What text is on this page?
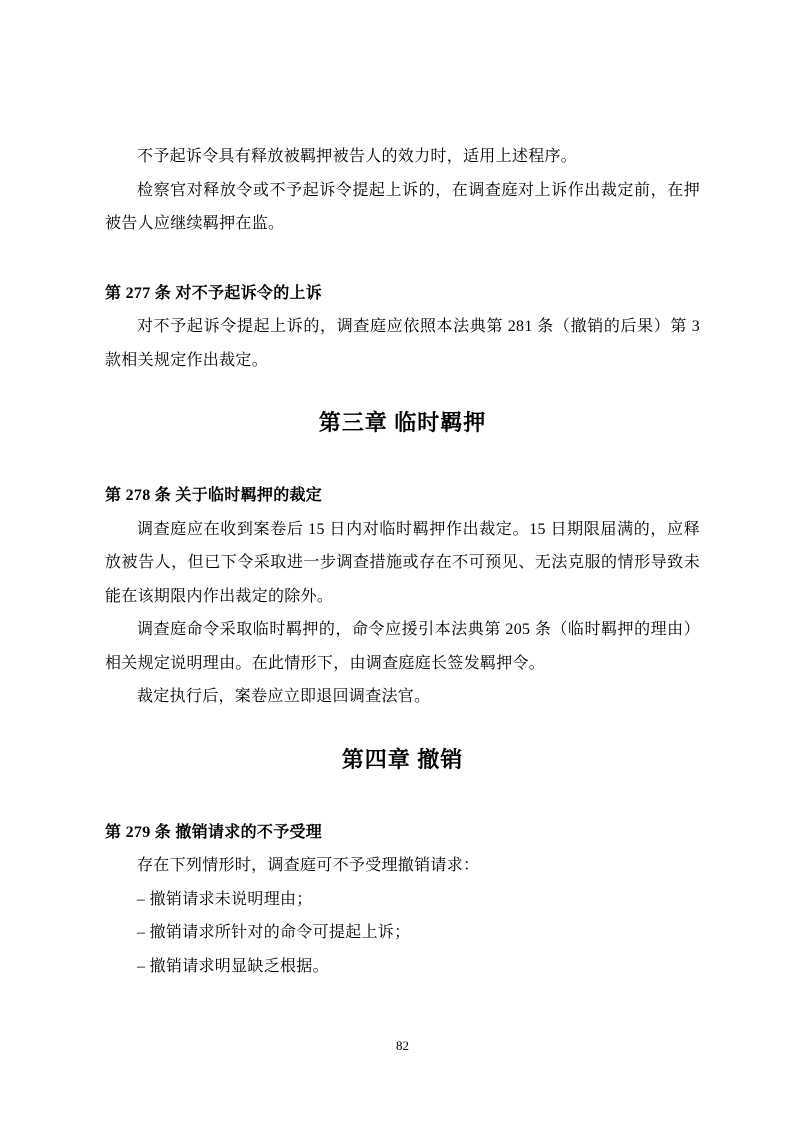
不予起诉令具有释放被羁押被告人的效力时，适用上述程序。

检察官对释放令或不予起诉令提起上诉的，在调查庭对上诉作出裁定前，在押被告人应继续羁押在监。

第 277 条 对不予起诉令的上诉

对不予起诉令提起上诉的，调查庭应依照本法典第 281 条（撤销的后果）第 3 款相关规定作出裁定。

第三章 临时羁押

第 278 条 关于临时羁押的裁定

调查庭应在收到案卷后 15 日内对临时羁押作出裁定。15 日期限届满的，应释放被告人，但已下令采取进一步调查措施或存在不可预见、无法克服的情形导致未能在该期限内作出裁定的除外。

调查庭命令采取临时羁押的，命令应援引本法典第 205 条（临时羁押的理由）相关规定说明理由。在此情形下，由调查庭庭长签发羁押令。

裁定执行后，案卷应立即退回调查法官。

第四章 撤销

第 279 条 撤销请求的不予受理

存在下列情形时，调查庭可不予受理撤销请求：

– 撤销请求未说明理由；

– 撤销请求所针对的命令可提起上诉；

– 撤销请求明显缺乏根据。

82
